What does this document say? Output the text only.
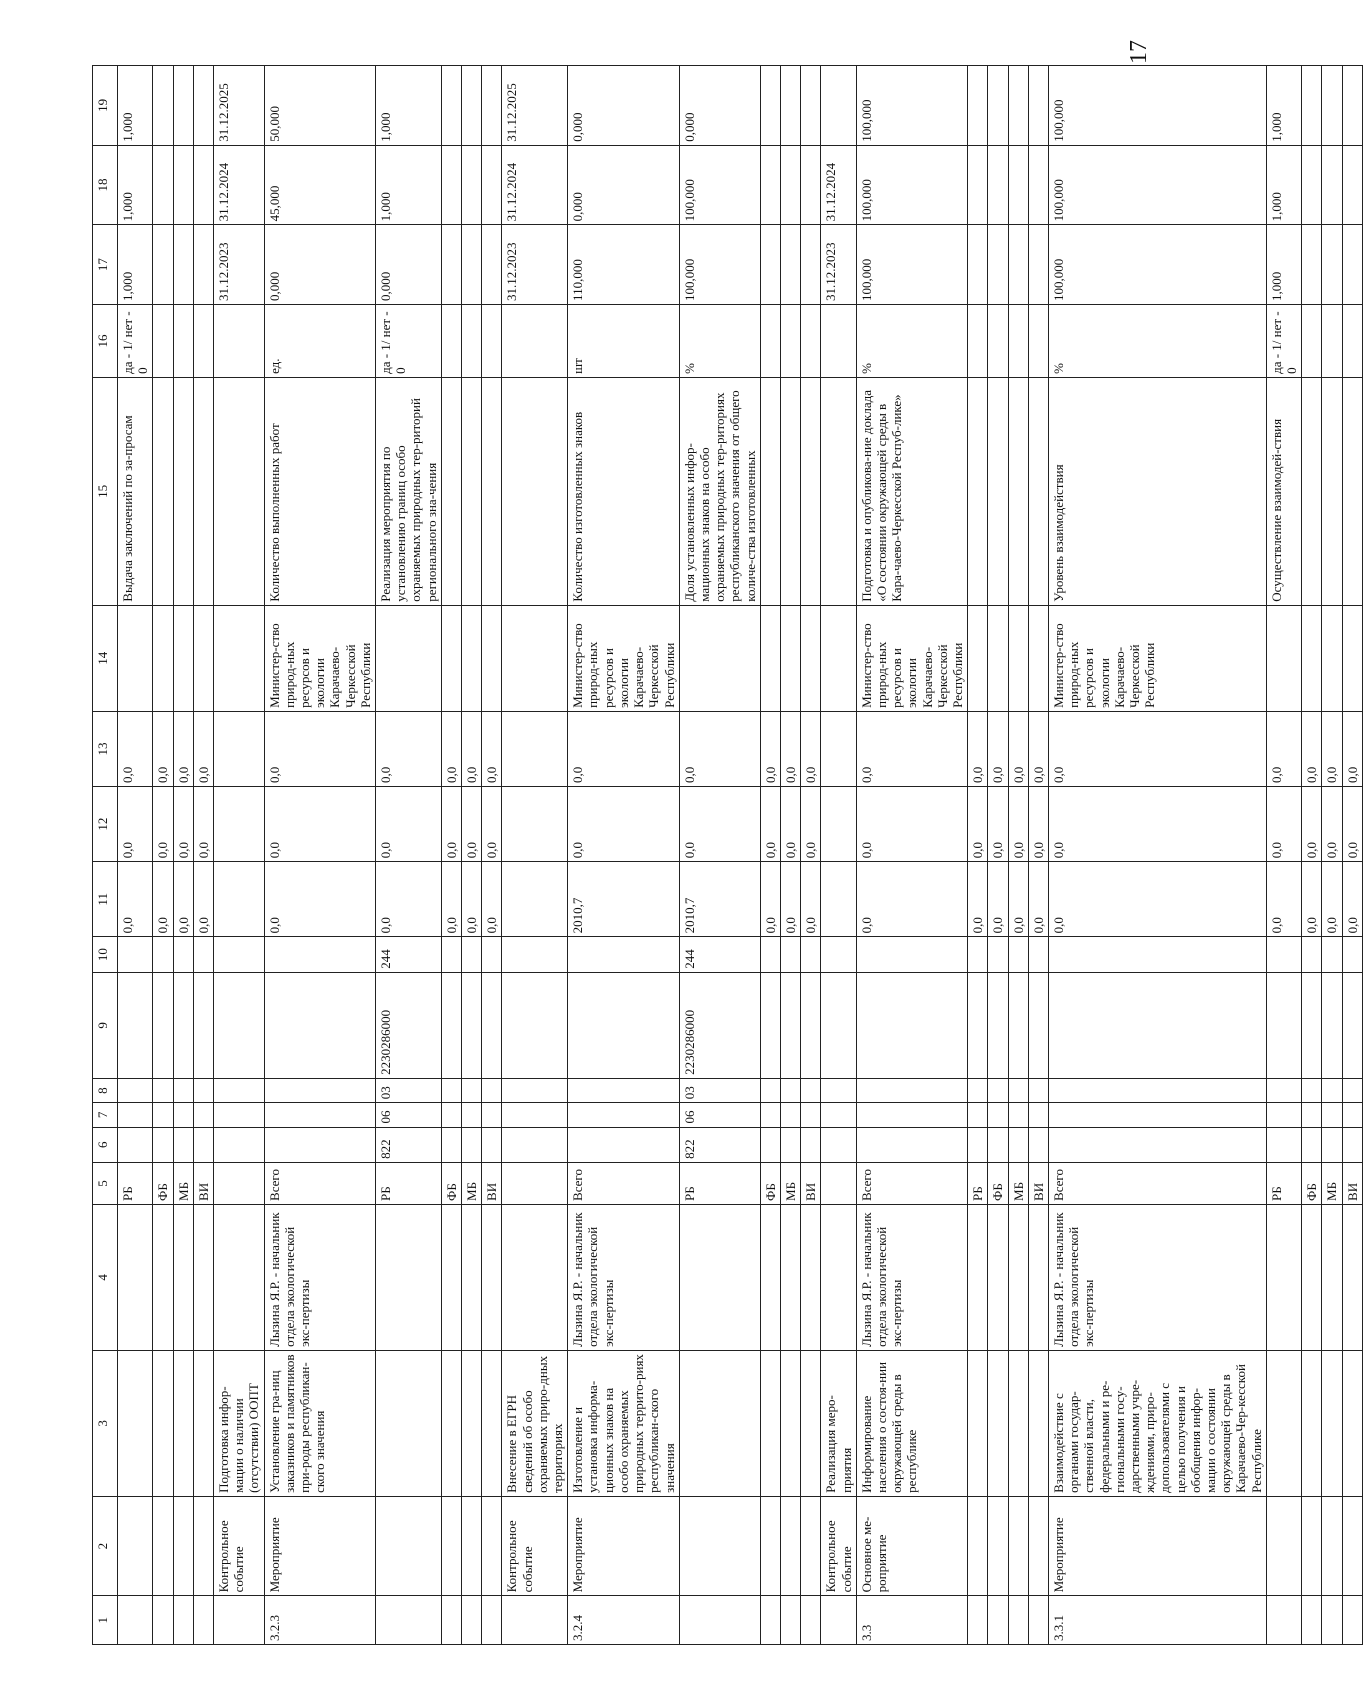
17
1	2	3	4	5	6	7	8	9	10	11	12	13	14	15	16	17	18	19
				РБ						0,0	0,0	0,0		Выдача заключений по за-просам	да - 1/ нет - 0	1,000	1,000	1,000
				ФБ						0,0	0,0	0,0						
				МБ						0,0	0,0	0,0						
				ВИ						0,0	0,0	0,0						
	Контрольное событие	Подготовка инфор-мации о наличии (отсутствии) ООПТ														31.12.2023	31.12.2024	31.12.2025
3.2.3	Мероприятие	Установление гра-ниц заказников и памятников при-роды республикан-ского значения	Лызина Я.Р. - начальник отдела экологической экс-пертизы	Всего						0,0	0,0	0,0	Министер-ство природ-ных ресурсов и экологии Карачаево-Черкесской Республики	Количество выполненных работ	ед.	0,000	45,000	50,000
				РБ	822	06	03	2230286000	244	0,0	0,0	0,0		Реализация мероприятия по установлению границ особо охраняемых природных тер-риторий регионального зна-чения	да - 1/ нет - 0	0,000	1,000	1,000
				ФБ						0,0	0,0	0,0						
				МБ						0,0	0,0	0,0						
				ВИ						0,0	0,0	0,0						
	Контрольное событие	Внесение в ЕГРН сведений об особо охраняемых приро-дных территориях														31.12.2023	31.12.2024	31.12.2025
3.2.4	Мероприятие	Изготовление и установка информа-ционных знаков на особо охраняемых природных террито-риях республикан-ского значения	Лызина Я.Р. - начальник отдела экологической экс-пертизы	Всего						2010,7	0,0	0,0	Министер-ство природ-ных ресурсов и экологии Карачаево-Черкесской Республики	Количество изготовленных знаков	шт	110,000	0,000	0,000
				РБ	822	06	03	2230286000	244	2010,7	0,0	0,0		Доля установленных инфор-мационных знаков на особо охраняемых природных тер-риториях республиканского значения от общего количе-ства изготовленных	%	100,000	100,000	0,000
				ФБ						0,0	0,0	0,0						
				МБ						0,0	0,0	0,0						
				ВИ						0,0	0,0	0,0						
	Контрольное событие	Реализация меро-приятия														31.12.2023	31.12.2024	
3.3	Основное ме-роприятие	Информирование населения о состоя-нии окружающей среды в республике	Лызина Я.Р. - начальник отдела экологической экс-пертизы	Всего						0,0	0,0	0,0	Министер-ство природ-ных ресурсов и экологии Карачаево-Черкесской Республики	Подготовка и опубликова-ние доклада «О состоянии окружающей среды в Кара-чаево-Черкесской Респуб-лике»	%	100,000	100,000	100,000
				РБ						0,0	0,0	0,0						
				ФБ						0,0	0,0	0,0						
				МБ						0,0	0,0	0,0						
				ВИ						0,0	0,0	0,0						
3.3.1	Мероприятие	Взаимодействие с органами государ-ственной власти, федеральными и ре-гиональными госу-дарственными учре-ждениями, приро-допользователями с целью получения и обобщения инфор-мации о состоянии окружающей среды в Карачаево-Чер-кесской Республике	Лызина Я.Р. - начальник отдела экологической экс-пертизы	Всего						0,0	0,0	0,0	Министер-ство природ-ных ресурсов и экологии Карачаево-Черкесской Республики	Уровень взаимодействия	%	100,000	100,000	100,000
				РБ						0,0	0,0	0,0		Осуществление взаимодей-ствия	да - 1/ нет - 0	1,000	1,000	1,000
				ФБ						0,0	0,0	0,0						
				МБ						0,0	0,0	0,0						
				ВИ						0,0	0,0	0,0						
